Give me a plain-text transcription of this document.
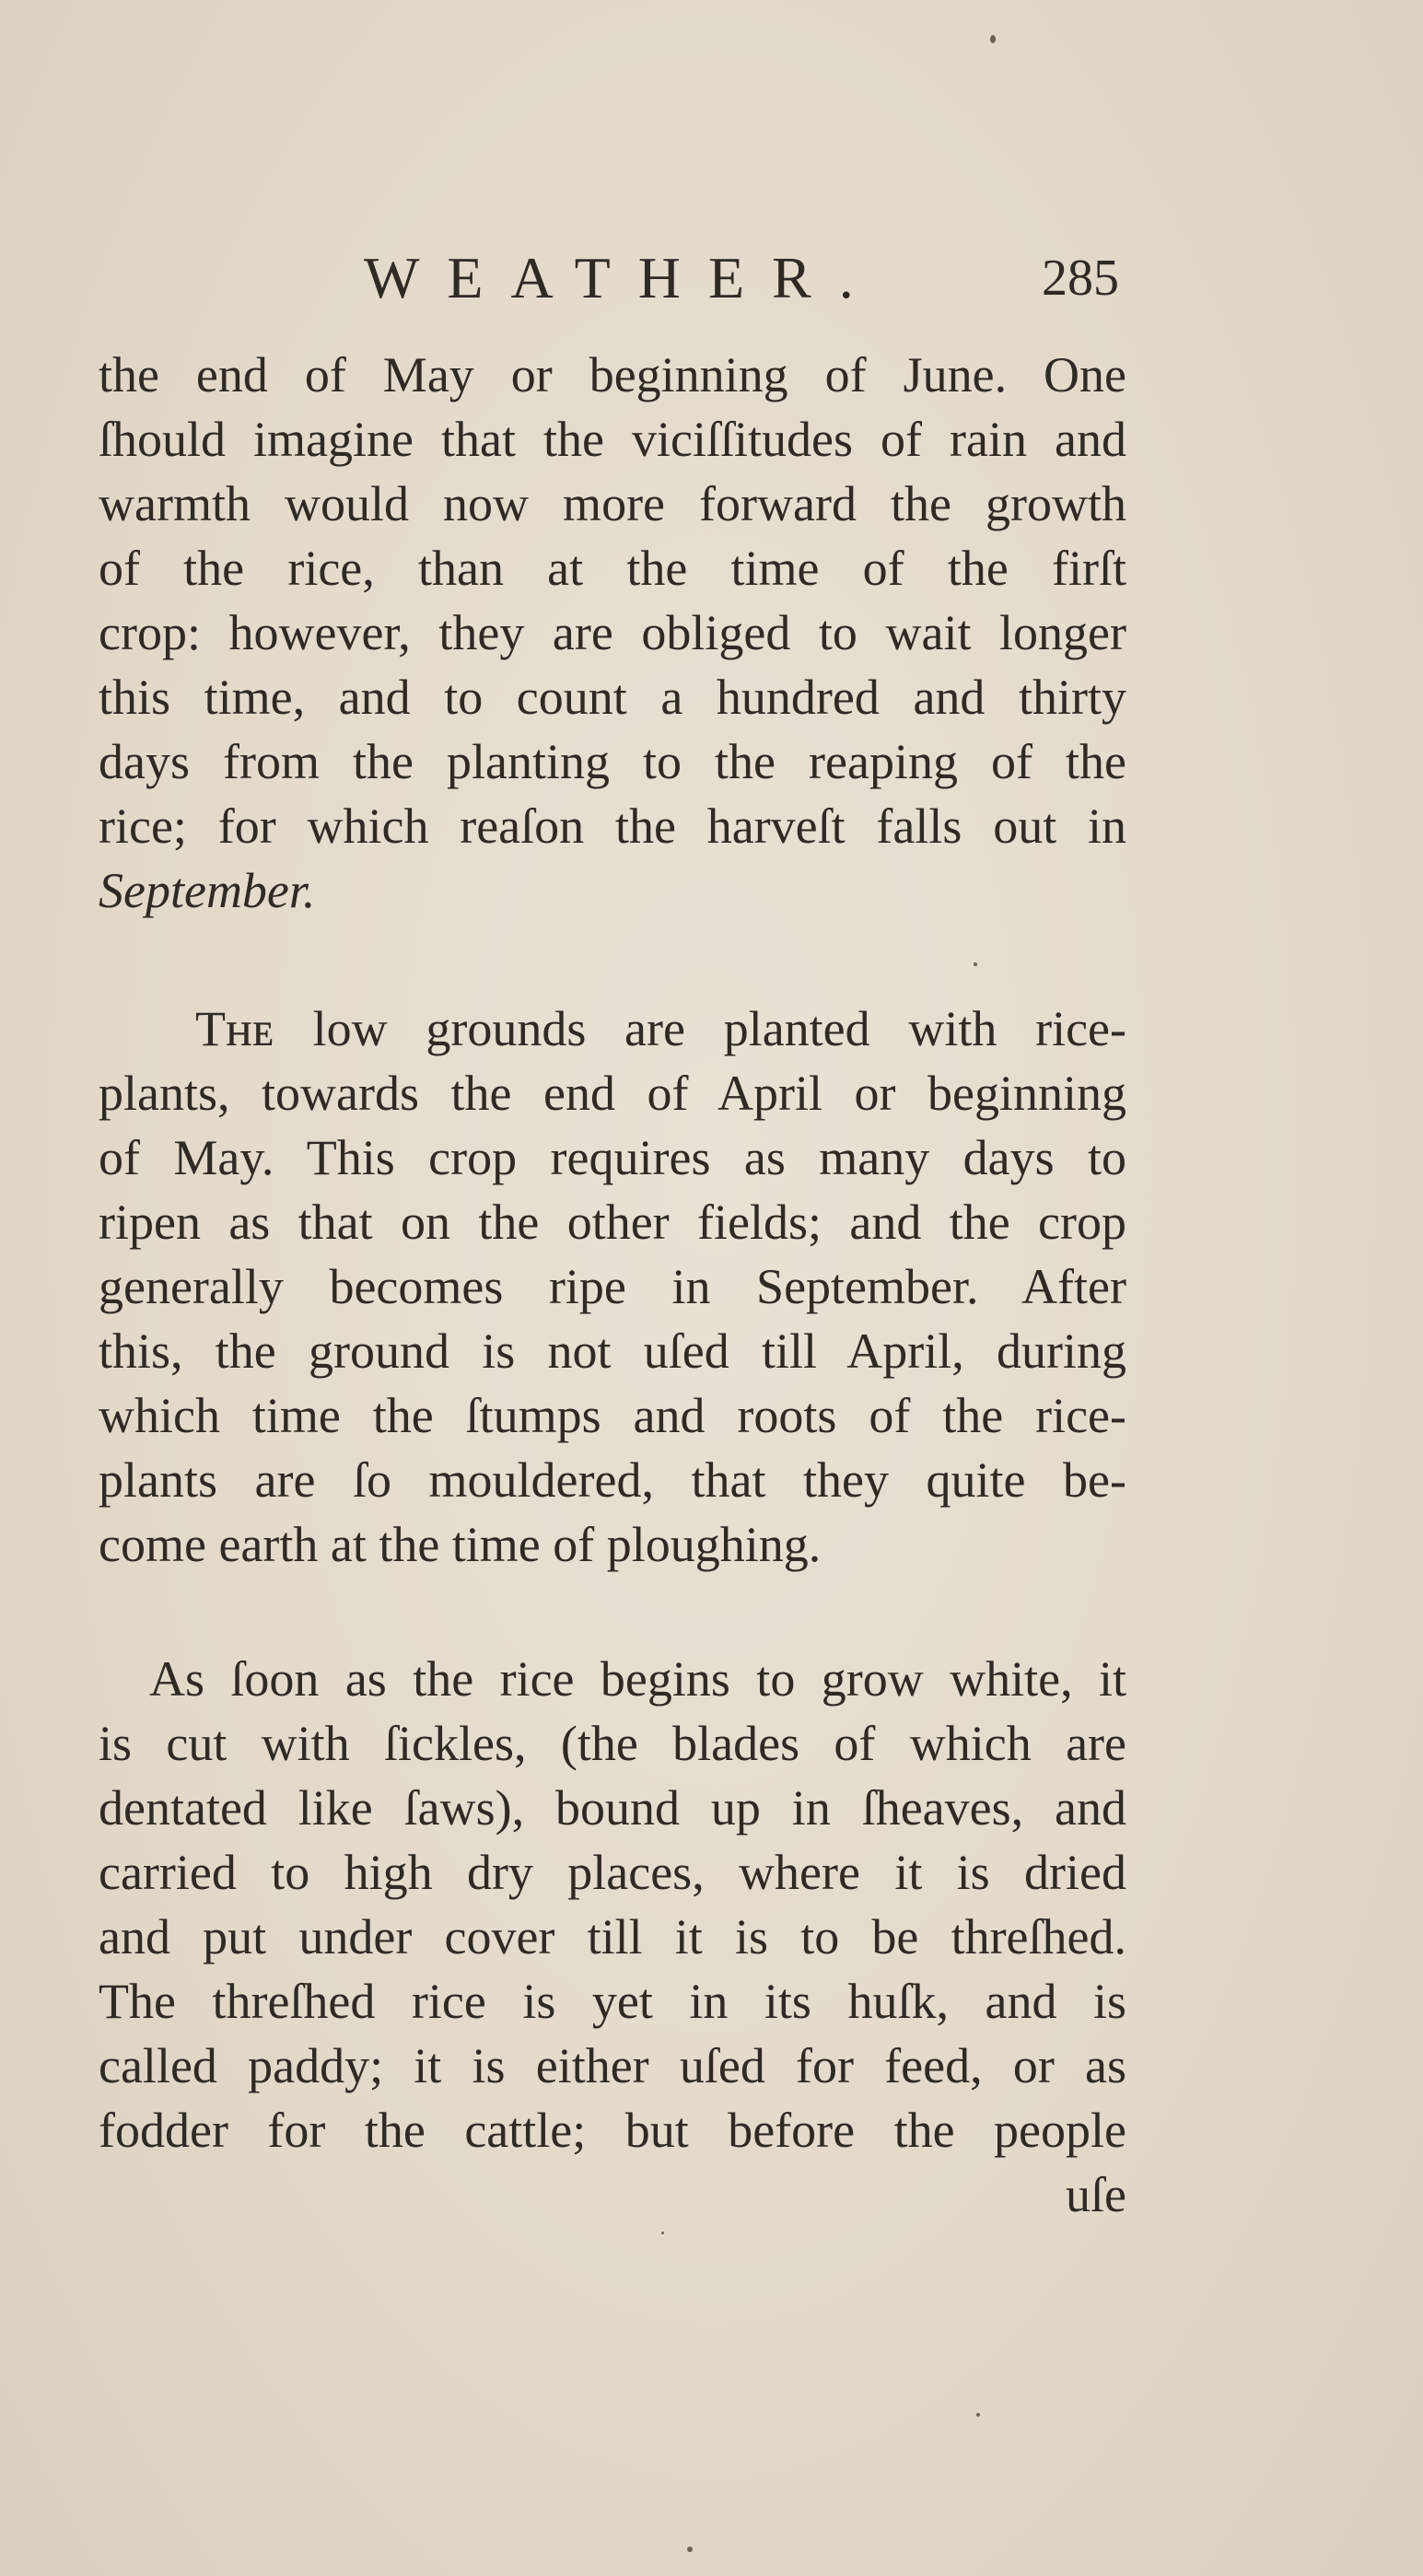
WEATHER.	285
the end of May or beginning of June. One
ſhould imagine that the viciſſitudes of rain and
warmth would now more forward the growth
of the rice, than at the time of the firſt
crop: however, they are obliged to wait longer
this time, and to count a hundred and thirty
days from the planting to the reaping of the
rice; for which reaſon the harveſt falls out in
September.
Tʜᴇ low grounds are planted with rice-
plants, towards the end of April or beginning
of May. This crop requires as many days to
ripen as that on the other fields; and the crop
generally becomes ripe in September. After
this, the ground is not uſed till April, during
which time the ſtumps and roots of the rice-
plants are ſo mouldered, that they quite be-
come earth at the time of ploughing.
As ſoon as the rice begins to grow white, it
is cut with ſickles, (the blades of which are
dentated like ſaws), bound up in ſheaves, and
carried to high dry places, where it is dried
and put under cover till it is to be threſhed.
The threſhed rice is yet in its huſk, and is
called paddy; it is either uſed for feed, or as
fodder for the cattle; but before the people
uſe
